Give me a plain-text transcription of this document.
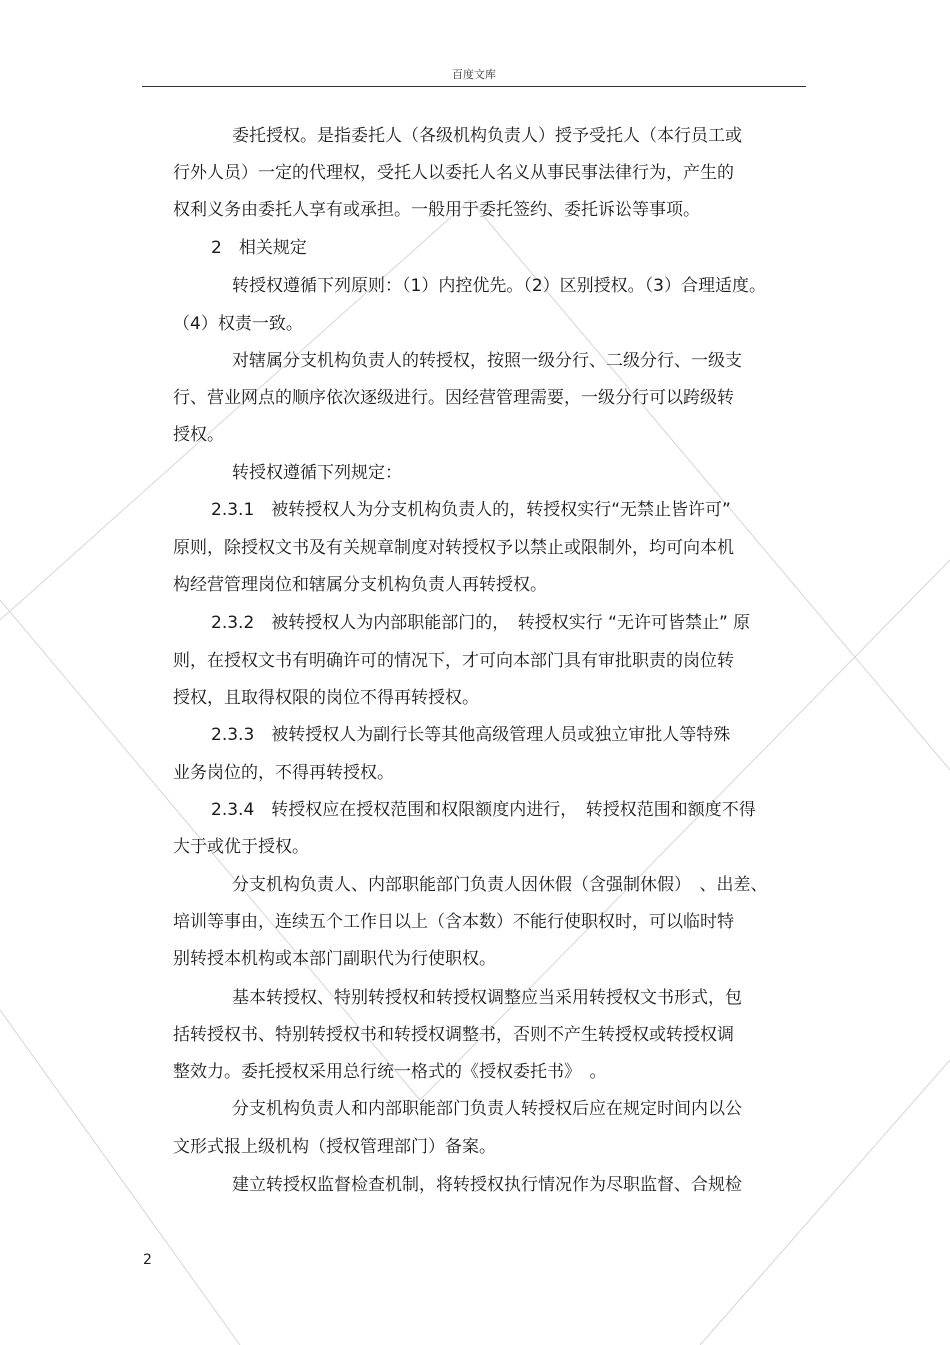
百度文库
委托授权。是指委托人（各级机构负责人）授予受托人（本行员工或
行外人员）一定的代理权，受托人以委托人名义从事民事法律行为，产生的
权利义务由委托人享有或承担。一般用于委托签约、委托诉讼等事项。
2　相关规定
转授权遵循下列原则：（1）内控优先。（2）区别授权。（3）合理适度。
（4）权责一致。
对辖属分支机构负责人的转授权，按照一级分行、二级分行、一级支
行、营业网点的顺序依次逐级进行。因经营管理需要，一级分行可以跨级转
授权。
转授权遵循下列规定：
2.3.1　被转授权人为分支机构负责人的，转授权实行“无禁止皆许可”
原则，除授权文书及有关规章制度对转授权予以禁止或限制外，均可向本机
构经营管理岗位和辖属分支机构负责人再转授权。
2.3.2　被转授权人为内部职能部门的，　转授权实行 “无许可皆禁止” 原
则，在授权文书有明确许可的情况下，才可向本部门具有审批职责的岗位转
授权，且取得权限的岗位不得再转授权。
2.3.3　被转授权人为副行长等其他高级管理人员或独立审批人等特殊
业务岗位的，不得再转授权。
2.3.4　转授权应在授权范围和权限额度内进行，　转授权范围和额度不得
大于或优于授权。
分支机构负责人、内部职能部门负责人因休假（含强制休假）　、出差、
培训等事由，连续五个工作日以上（含本数）不能行使职权时，可以临时特
别转授本机构或本部门副职代为行使职权。
基本转授权、特别转授权和转授权调整应当采用转授权文书形式，包
括转授权书、特别转授权书和转授权调整书，否则不产生转授权或转授权调
整效力。委托授权采用总行统一格式的《授权委托书》　。
分支机构负责人和内部职能部门负责人转授权后应在规定时间内以公
文形式报上级机构（授权管理部门）备案。
建立转授权监督检查机制，将转授权执行情况作为尽职监督、合规检
2
